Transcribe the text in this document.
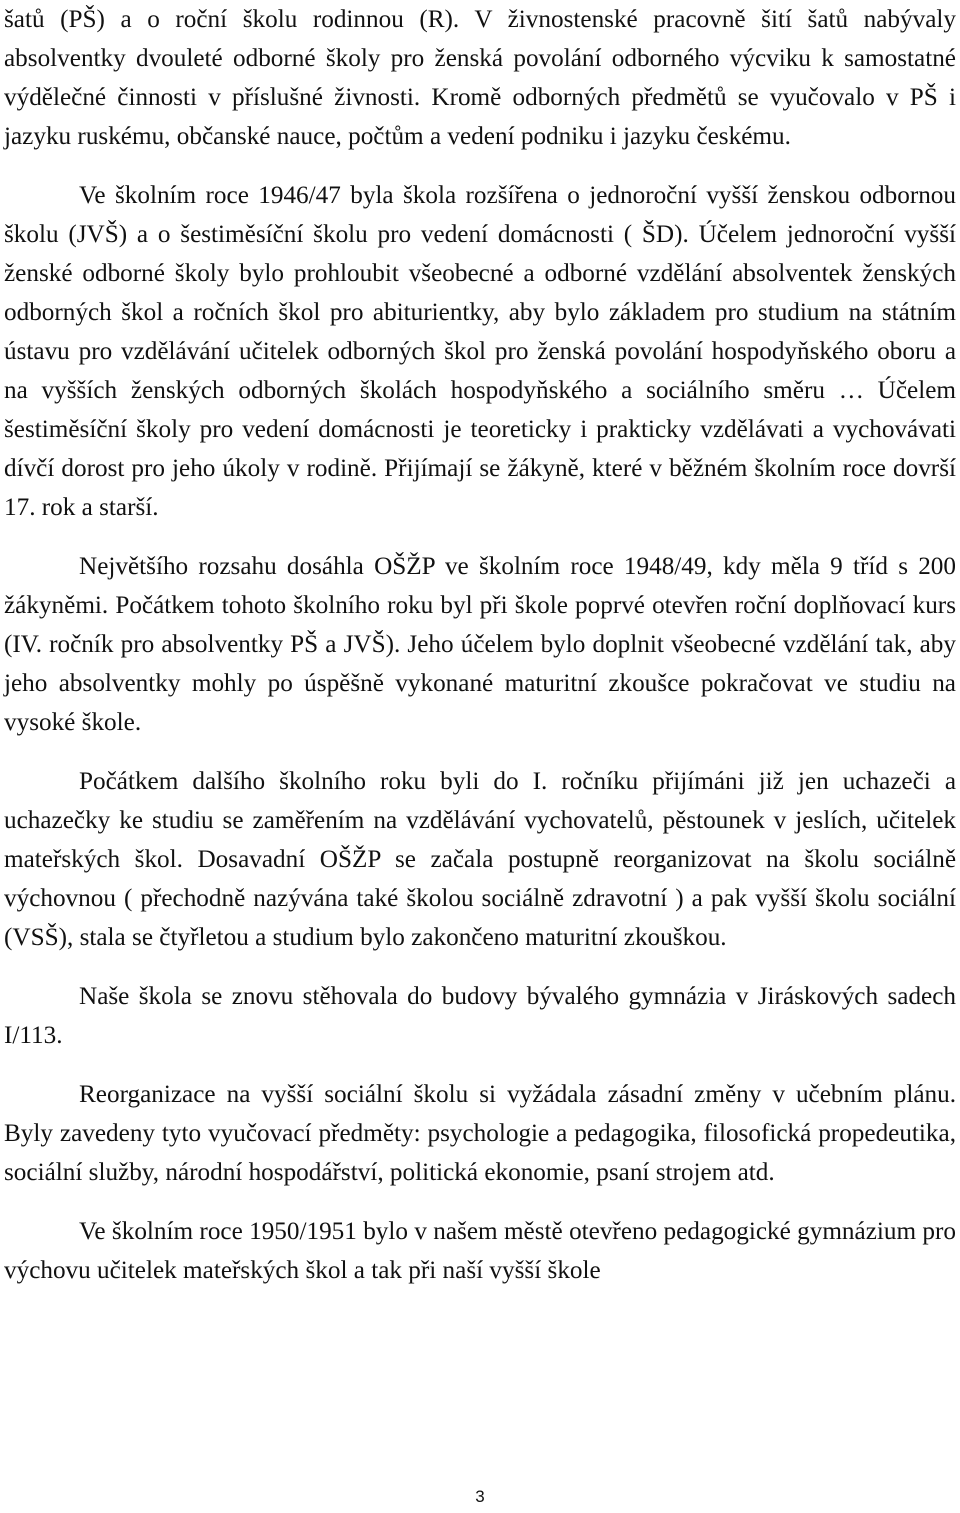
šatů (PŠ) a o roční školu rodinnou (R). V živnostenské pracovně šití šatů nabývaly absolventky dvouleté odborné školy pro ženská povolání odborného výcviku k samostatné výdělečné činnosti v příslušné živnosti. Kromě odborných předmětů se vyučovalo v PŠ i jazyku ruskému, občanské nauce, počtům a vedení podniku i jazyku českému.

Ve školním roce 1946/47 byla škola rozšířena o jednoroční vyšší ženskou odbornou školu (JVŠ) a o šestiměsíční školu pro vedení domácnosti ( ŠD). Účelem jednoroční vyšší ženské odborné školy bylo prohloubit všeobecné a odborné vzdělání absolventek ženských odborných škol a ročních škol pro abiturientky, aby bylo základem pro studium na státním ústavu pro vzdělávání učitelek odborných škol pro ženská povolání hospodyňského oboru a na vyšších ženských odborných školách hospodyňského a sociálního směru … Účelem šestiměsíční školy pro vedení domácnosti je teoreticky i prakticky vzdělávati a vychovávati dívčí dorost pro jeho úkoly v rodině. Přijímají se žákyně, které v běžném školním roce dovrší 17. rok a starší.

Největšího rozsahu dosáhla OŠŽP ve školním roce 1948/49, kdy měla 9 tříd s 200 žákyněmi. Počátkem tohoto školního roku byl při škole poprvé otevřen roční doplňovací kurs (IV. ročník pro absolventky PŠ a JVŠ). Jeho účelem bylo doplnit všeobecné vzdělání tak, aby jeho absolventky mohly po úspěšně vykonané maturitní zkoušce pokračovat ve studiu na vysoké škole.

Počátkem dalšího školního roku byli do I. ročníku přijímáni již jen uchazeči a uchazečky ke studiu se zaměřením na vzdělávání vychovatelů, pěstounek v jeslích, učitelek mateřských škol. Dosavadní OŠŽP se začala postupně reorganizovat na školu sociálně výchovnou ( přechodně nazývána také školou sociálně zdravotní ) a pak vyšší školu sociální (VSŠ), stala se čtyřletou a studium bylo zakončeno maturitní zkouškou.

Naše škola se znovu stěhovala do budovy bývalého gymnázia v Jiráskových sadech I/113.

Reorganizace na vyšší sociální školu si vyžádala zásadní změny v učebním plánu. Byly zavedeny tyto vyučovací předměty: psychologie a pedagogika, filosofická propedeutika, sociální služby, národní hospodářství, politická ekonomie, psaní strojem atd.

Ve školním roce 1950/1951 bylo v našem městě otevřeno pedagogické gymnázium pro výchovu učitelek mateřských škol a tak při naší vyšší škole

3
